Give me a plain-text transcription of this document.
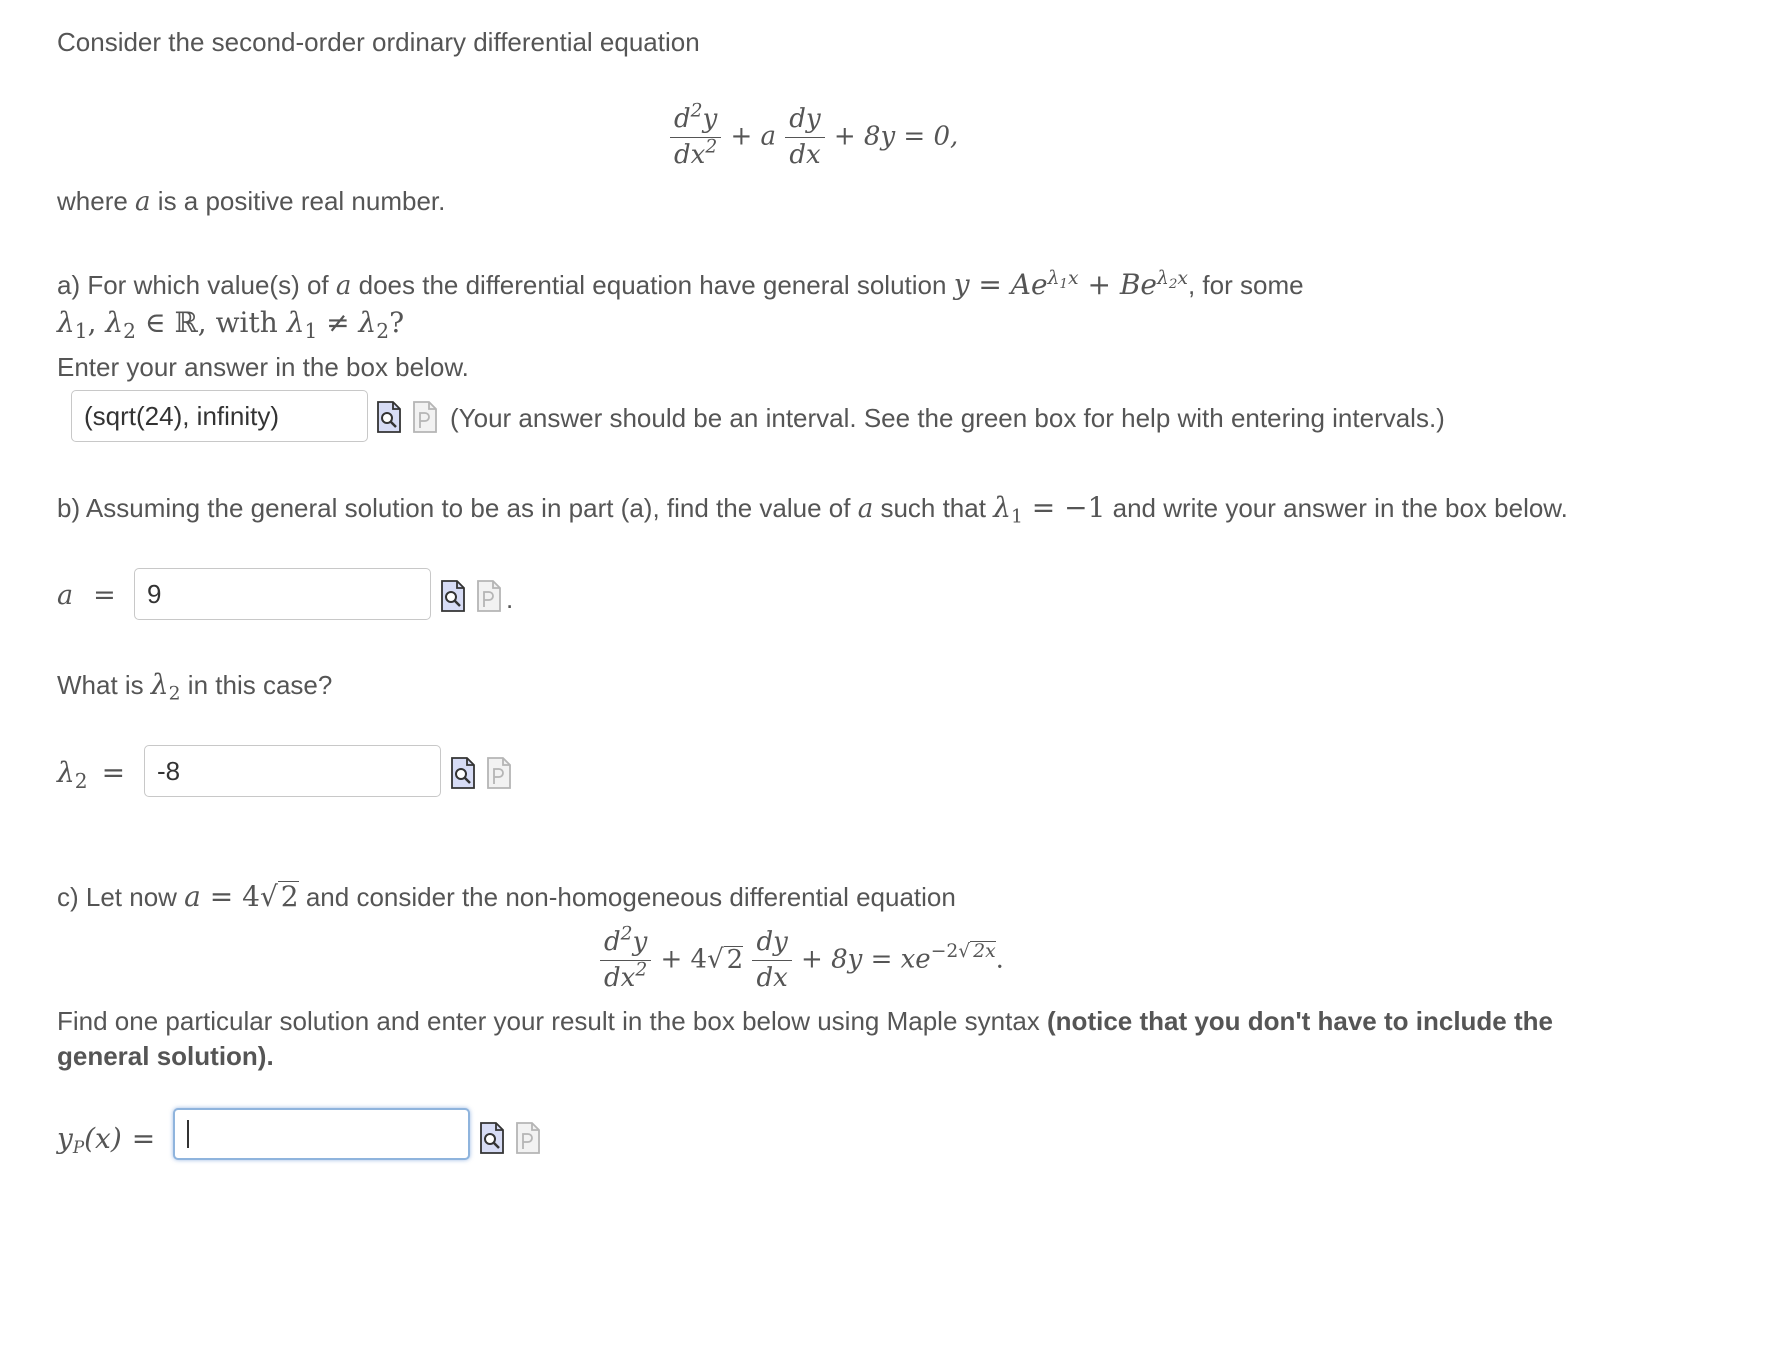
Consider the second-order ordinary differential equation
$\frac{d^2y}{dx^2} + a \frac{dy}{dx} + 8y = 0$,
where a is a positive real number.
a) For which value(s) of a does the differential equation have general solution $y = Ae^{\lambda_1x} + Be^{\lambda_2x}$, for some
$\lambda_1$, $\lambda_2$ ∈ ℝ, with $\lambda_1 \ne \lambda_2$?
Enter your answer in the box below.
(sqrt(24), infinity)	(Your answer should be an interval. See the green box for help with entering intervals.)
b) Assuming the general solution to be as in part (a), find the value of a such that $\lambda_1 = -1$ and write your answer in the box below.
a = 9	.
What is $\lambda_2$ in this case?
$\lambda_2 = -8$
c) Let now a = 4√ 2 and consider the non-homogeneous differential equation
$\frac{d^2y}{dx^2} + 4√$ $2 \frac{dy}{dx} + 8y = xe^{-2√ 2x}$.
Find one particular solution and enter your result in the box below using Maple syntax (notice that you don't have to include the
general solution).
$y_P(x)$ =
